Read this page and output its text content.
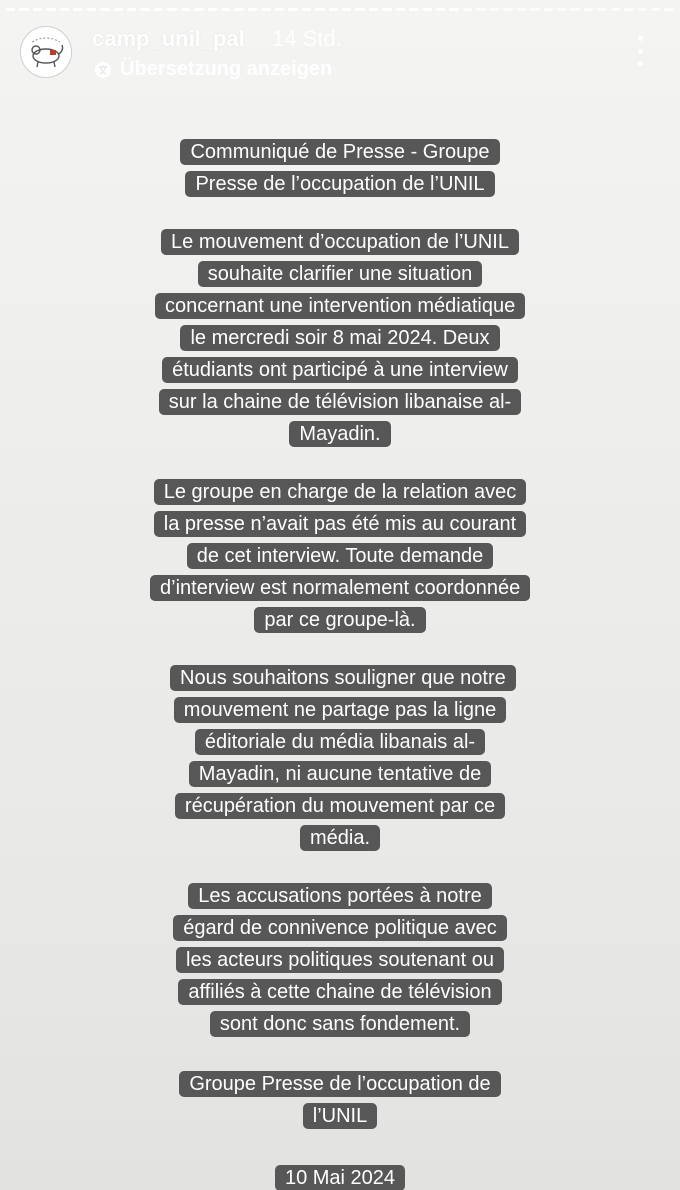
camp_unil_pal 14 Std.
Übersetzung anzeigen
Communiqué de Presse - Groupe Presse de l’occupation de l’UNIL
Le mouvement d’occupation de l’UNIL souhaite clarifier une situation concernant une intervention médiatique le mercredi soir 8 mai 2024. Deux étudiants ont participé à une interview sur la chaine de télévision libanaise al-Mayadin.
Le groupe en charge de la relation avec la presse n’avait pas été mis au courant de cet interview. Toute demande d’interview est normalement coordonnée par ce groupe-là.
Nous souhaitons souligner que notre mouvement ne partage pas la ligne éditoriale du média libanais al-Mayadin, ni aucune tentative de récupération du mouvement par ce média.
Les accusations portées à notre égard de connivence politique avec les acteurs politiques soutenant ou affiliés à cette chaine de télévision sont donc sans fondement.
Groupe Presse de l’occupation de l’UNIL
10 Mai 2024
